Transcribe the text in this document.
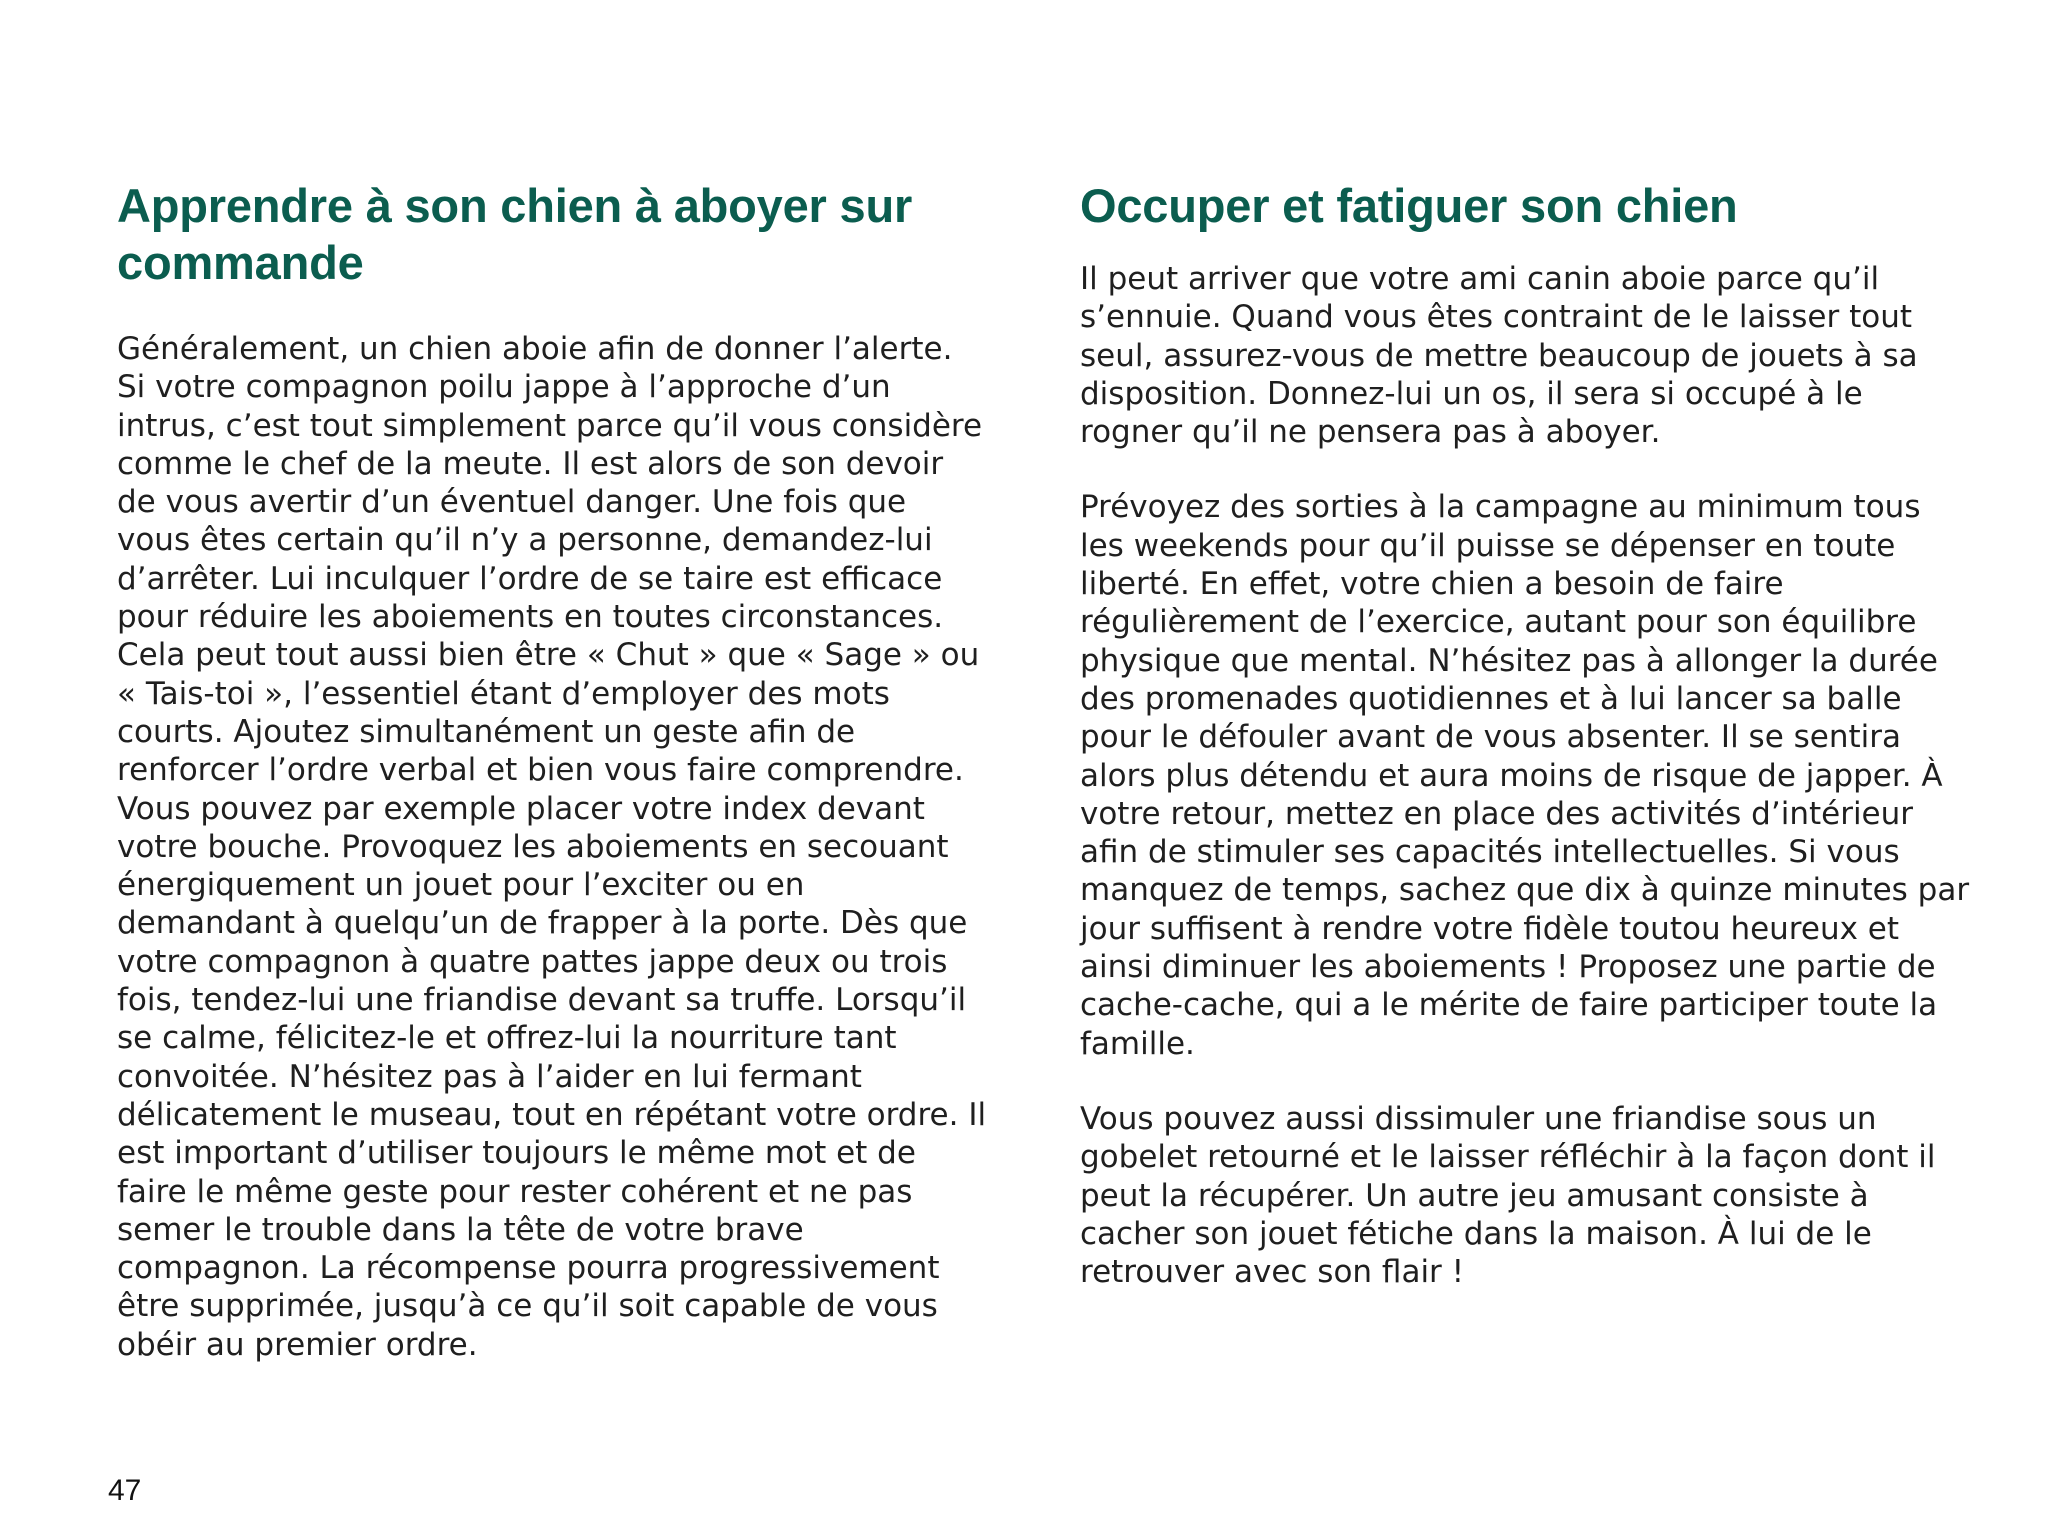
Apprendre à son chien à aboyer sur commande

Généralement, un chien aboie afin de donner l’alerte. Si votre compagnon poilu jappe à l’approche d’un intrus, c’est tout simplement parce qu’il vous considère comme le chef de la meute. Il est alors de son devoir de vous avertir d’un éventuel danger. Une fois que vous êtes certain qu’il n’y a personne, demandez-lui d’arrêter. Lui inculquer l’ordre de se taire est efficace pour réduire les aboiements en toutes circonstances. Cela peut tout aussi bien être « Chut » que « Sage » ou « Tais-toi », l’essentiel étant d’employer des mots courts. Ajoutez simultanément un geste afin de renforcer l’ordre verbal et bien vous faire comprendre. Vous pouvez par exemple placer votre index devant votre bouche. Provoquez les aboiements en secouant énergiquement un jouet pour l’exciter ou en demandant à quelqu’un de frapper à la porte. Dès que votre compagnon à quatre pattes jappe deux ou trois fois, tendez-lui une friandise devant sa truffe. Lorsqu’il se calme, félicitez-le et offrez-lui la nourriture tant convoitée. N’hésitez pas à l’aider en lui fermant délicatement le museau, tout en répétant votre ordre. Il est important d’utiliser toujours le même mot et de faire le même geste pour rester cohérent et ne pas semer le trouble dans la tête de votre brave compagnon. La récompense pourra progressivement être supprimée, jusqu’à ce qu’il soit capable de vous obéir au premier ordre.

Occuper et fatiguer son chien

Il peut arriver que votre ami canin aboie parce qu’il s’ennuie. Quand vous êtes contraint de le laisser tout seul, assurez-vous de mettre beaucoup de jouets à sa disposition. Donnez-lui un os, il sera si occupé à le rogner qu’il ne pensera pas à aboyer.

Prévoyez des sorties à la campagne au minimum tous les weekends pour qu’il puisse se dépenser en toute liberté. En effet, votre chien a besoin de faire régulièrement de l’exercice, autant pour son équilibre physique que mental. N’hésitez pas à allonger la durée des promenades quotidiennes et à lui lancer sa balle pour le défouler avant de vous absenter. Il se sentira alors plus détendu et aura moins de risque de japper. À votre retour, mettez en place des activités d’intérieur afin de stimuler ses capacités intellectuelles. Si vous manquez de temps, sachez que dix à quinze minutes par jour suffisent à rendre votre fidèle toutou heureux et ainsi diminuer les aboiements ! Proposez une partie de cache-cache, qui a le mérite de faire participer toute la famille.

Vous pouvez aussi dissimuler une friandise sous un gobelet retourné et le laisser réfléchir à la façon dont il peut la récupérer. Un autre jeu amusant consiste à cacher son jouet fétiche dans la maison. À lui de le retrouver avec son flair !

47
